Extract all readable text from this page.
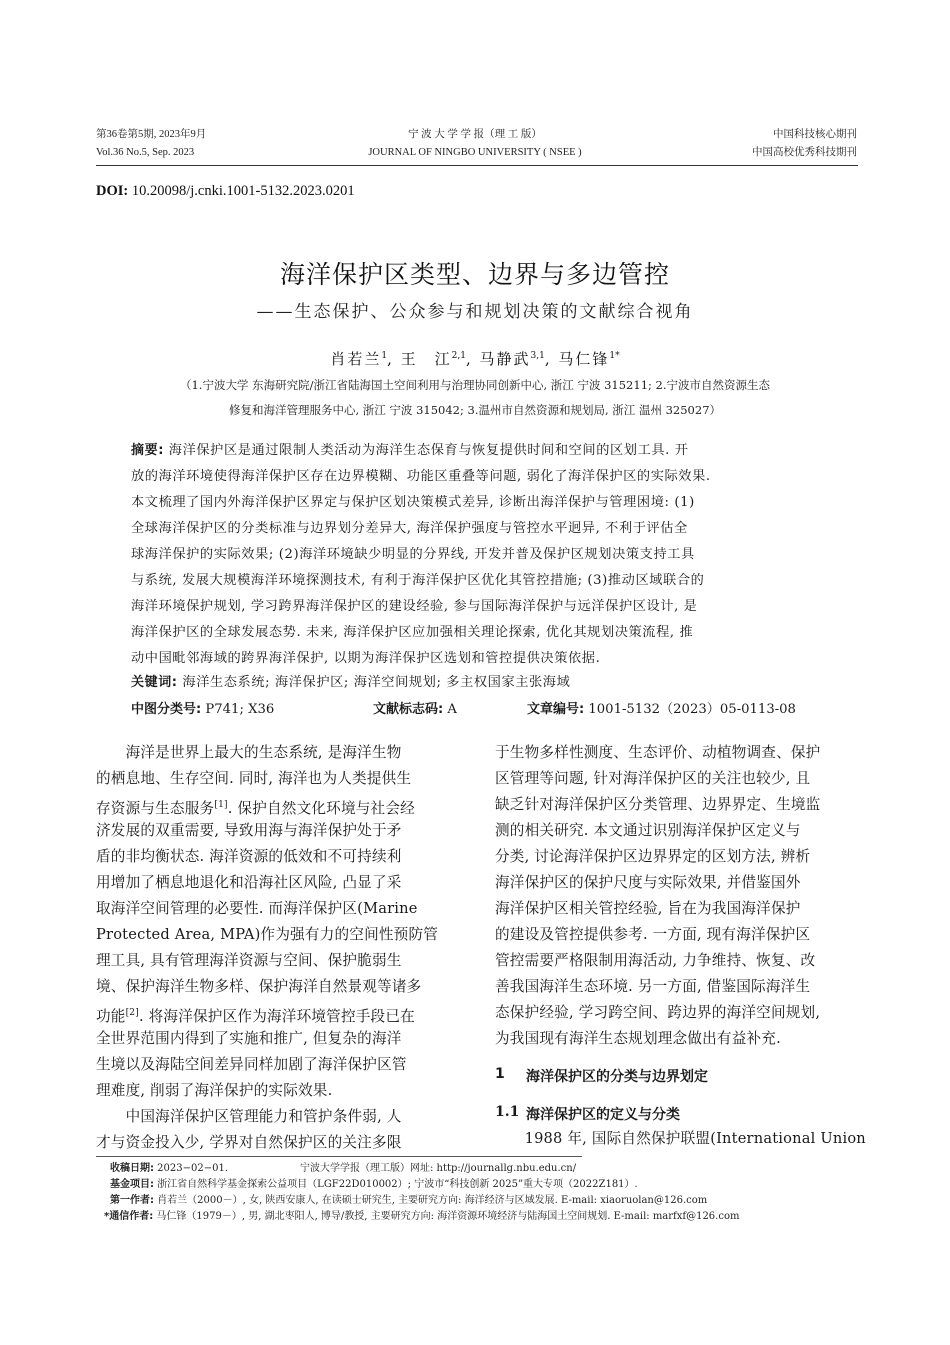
第36卷第5期, 2023年9月
Vol.36 No.5, Sep. 2023
宁 波 大 学 学 报（理 工 版）
JOURNAL OF NINGBO UNIVERSITY ( NSEE )
中国科技核心期刊
中国高校优秀科技期刊
DOI: 10.20098/j.cnki.1001-5132.2023.0201
海洋保护区类型、边界与多边管控
——生态保护、公众参与和规划决策的文献综合视角
肖若兰$^1$, 王　江$^{2,1}$, 马静武$^{3,1}$, 马仁锋$^{1*}$
（1.宁波大学 东海研究院/浙江省陆海国土空间利用与治理协同创新中心, 浙江 宁波 315211; 2.宁波市自然资源生态
修复和海洋管理服务中心, 浙江 宁波 315042; 3.温州市自然资源和规划局, 浙江 温州 325027）
摘要: 海洋保护区是通过限制人类活动为海洋生态保育与恢复提供时间和空间的区划工具. 开
放的海洋环境使得海洋保护区存在边界模糊、功能区重叠等问题, 弱化了海洋保护区的实际效果.
本文梳理了国内外海洋保护区界定与保护区划决策模式差异, 诊断出海洋保护与管理困境: (1)
全球海洋保护区的分类标准与边界划分差异大, 海洋保护强度与管控水平迥异, 不利于评估全
球海洋保护的实际效果; (2)海洋环境缺少明显的分界线, 开发并普及保护区规划决策支持工具
与系统, 发展大规模海洋环境探测技术, 有利于海洋保护区优化其管控措施; (3)推动区域联合的
海洋环境保护规划, 学习跨界海洋保护区的建设经验, 参与国际海洋保护与远洋保护区设计, 是
海洋保护区的全球发展态势. 未来, 海洋保护区应加强相关理论探索, 优化其规划决策流程, 推
动中国毗邻海域的跨界海洋保护, 以期为海洋保护区选划和管控提供决策依据.
关键词: 海洋生态系统; 海洋保护区; 海洋空间规划; 多主权国家主张海域
中图分类号: P741; X36	文献标志码: A	文章编号: 1001-5132（2023）05-0113-08
　　海洋是世界上最大的生态系统, 是海洋生物
的栖息地、生存空间. 同时, 海洋也为人类提供生
存资源与生态服务[1]. 保护自然文化环境与社会经
济发展的双重需要, 导致用海与海洋保护处于矛
盾的非均衡状态. 海洋资源的低效和不可持续利
用增加了栖息地退化和沿海社区风险, 凸显了采
取海洋空间管理的必要性. 而海洋保护区(Marine
Protected Area, MPA)作为强有力的空间性预防管
理工具, 具有管理海洋资源与空间、保护脆弱生
境、保护海洋生物多样、保护海洋自然景观等诸多
功能[2]. 将海洋保护区作为海洋环境管控手段已在
全世界范围内得到了实施和推广, 但复杂的海洋
生境以及海陆空间差异同样加剧了海洋保护区管
理难度, 削弱了海洋保护的实际效果.
　　中国海洋保护区管理能力和管护条件弱, 人
才与资金投入少, 学界对自然保护区的关注多限
于生物多样性测度、生态评价、动植物调查、保护
区管理等问题, 针对海洋保护区的关注也较少, 且
缺乏针对海洋保护区分类管理、边界界定、生境监
测的相关研究. 本文通过识别海洋保护区定义与
分类, 讨论海洋保护区边界界定的区划方法, 辨析
海洋保护区的保护尺度与实际效果, 并借鉴国外
海洋保护区相关管控经验, 旨在为我国海洋保护
的建设及管控提供参考. 一方面, 现有海洋保护区
管控需要严格限制用海活动, 力争维持、恢复、改
善我国海洋生态环境. 另一方面, 借鉴国际海洋生
态保护经验, 学习跨空间、跨边界的海洋空间规划,
为我国现有海洋生态规划理念做出有益补充.
1 海洋保护区的分类与边界划定
1.1 海洋保护区的定义与分类
　　1988 年, 国际自然保护联盟(International Union
收稿日期: 2023−02−01.	宁波大学学报（理工版）网址: http://journallg.nbu.edu.cn/
基金项目: 浙江省自然科学基金探索公益项目（LGF22D010002）; 宁波市“科技创新 2025”重大专项（2022Z181）.
第一作者: 肖若兰（2000－）, 女, 陕西安康人, 在读硕士研究生, 主要研究方向: 海洋经济与区域发展. E-mail: xiaoruolan@126.com
*通信作者: 马仁锋（1979－）, 男, 湖北枣阳人, 博导/教授, 主要研究方向: 海洋资源环境经济与陆海国土空间规划. E-mail: marfxf@126.com
